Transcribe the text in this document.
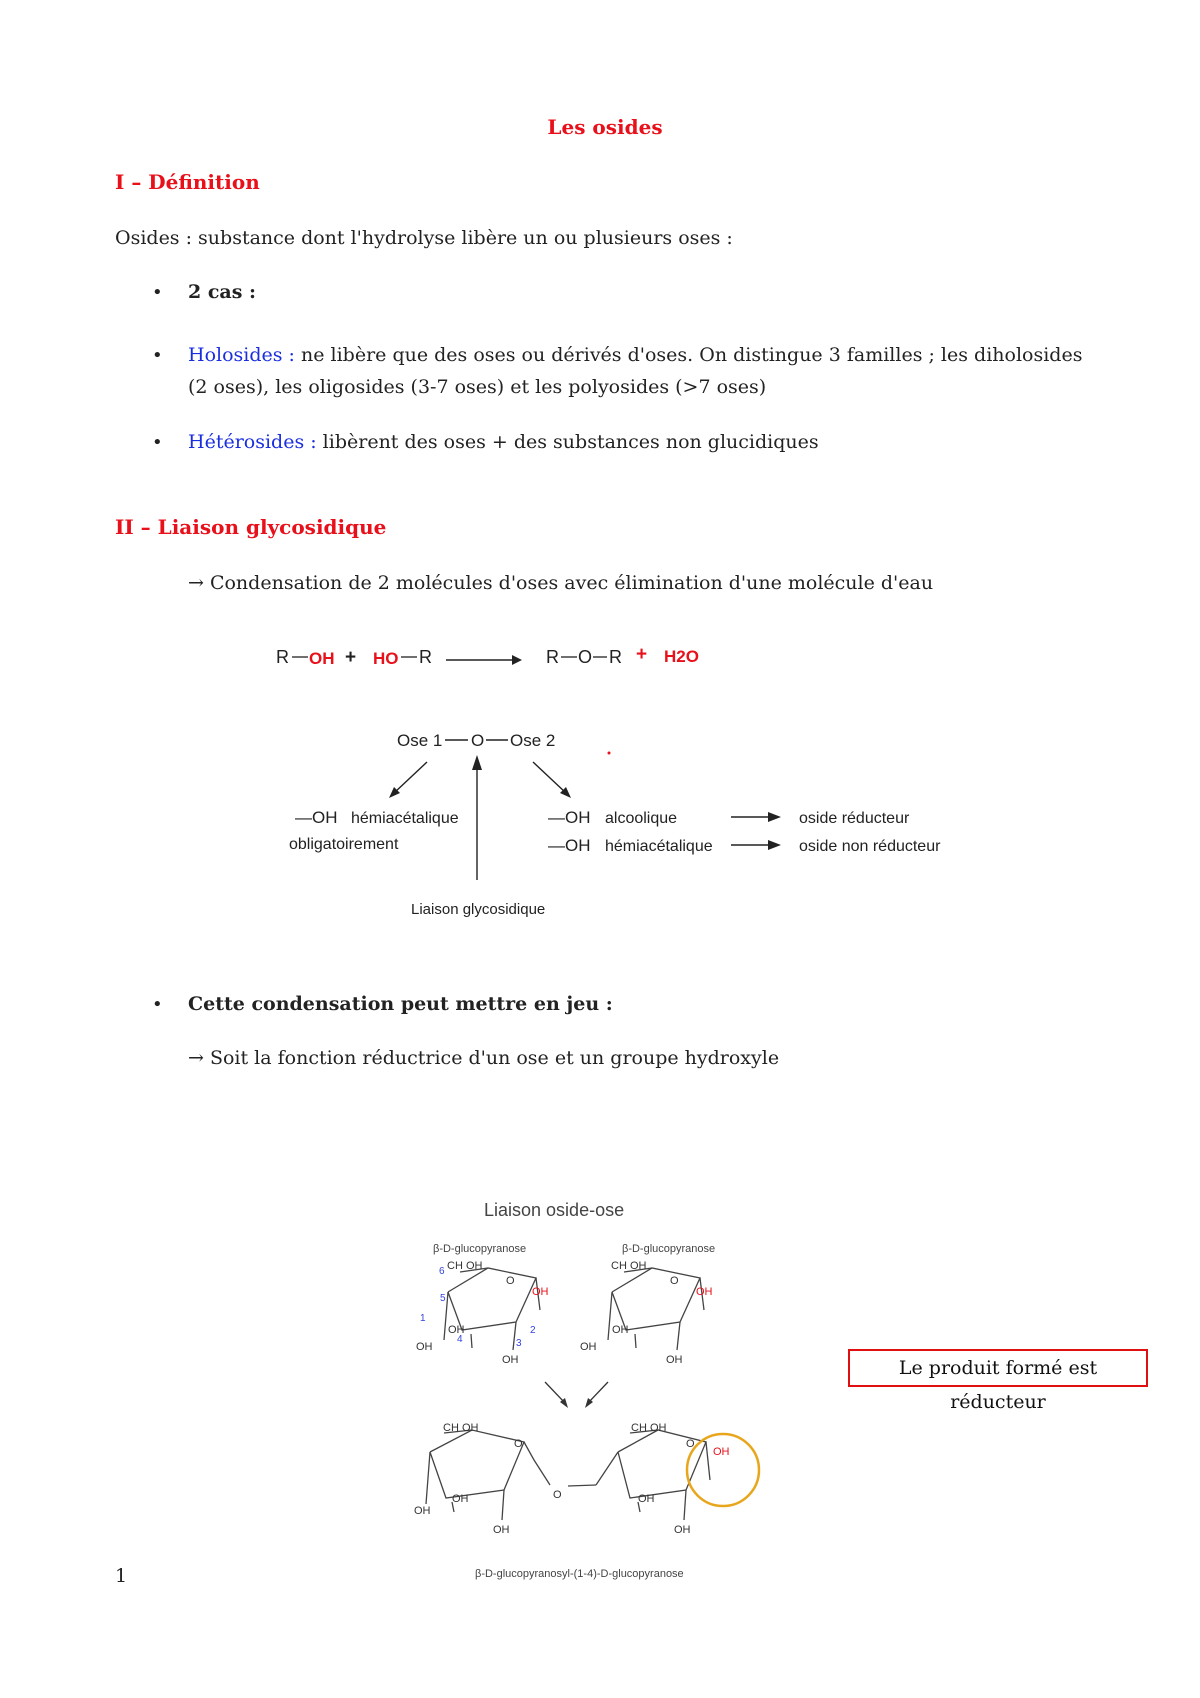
Les osides
I – Définition
Osides : substance dont l'hydrolyse libère un ou plusieurs oses :
• 2 cas :
• Holosides : ne libère que des oses ou dérivés d'oses. On distingue 3 familles ; les diholosides
(2 oses), les oligosides (3-7 oses) et les polyosides (>7 oses)
• Hétérosides : libèrent des oses + des substances non glucidiques
II – Liaison glycosidique
→ Condensation de 2 molécules d'oses avec élimination d'une molécule d'eau
R OH + HO R	R O R + H2O
Ose 1 O Ose 2
—OH hémiacétalique
obligatoirement
—OH alcoolique
—OH hémiacétalique
oside réducteur
oside non réducteur
Liaison glycosidique
• Cette condensation peut mettre en jeu :
→ Soit la fonction réductrice d'un ose et un groupe hydroxyle
Liaison oside-ose
β-D-glucopyranose	β-D-glucopyranose
1
2
3
4
5
6 CH OH
O
OH
OH
OH
OH
CH OH
O
OH
OH
OH
OH
CH OH
O
OH
OH
OH
O
CH OH
O
OH
OH
OH
β-D-glucopyranosyl-(1-4)-D-glucopyranose
Le produit formé est réducteur
1
